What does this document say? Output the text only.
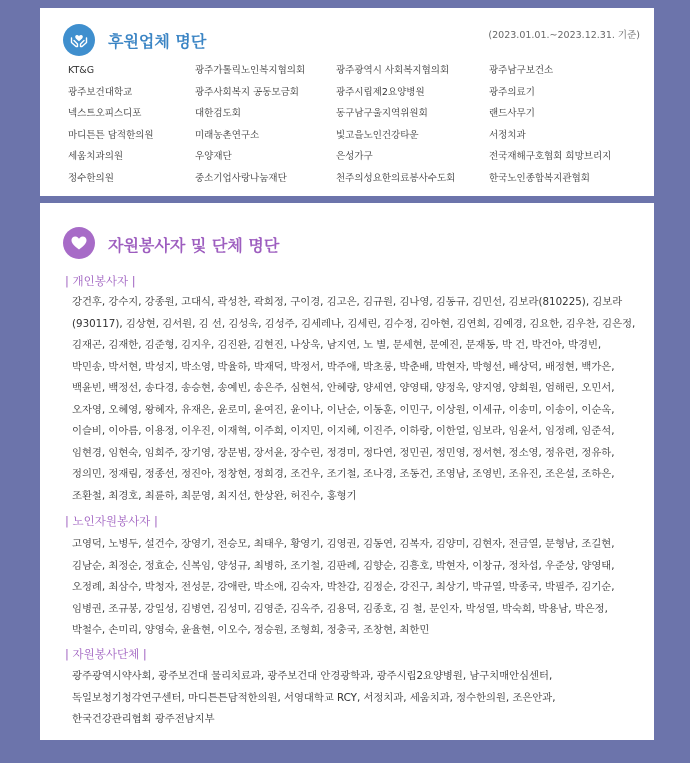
후원업체 명단	(2023.01.01.~2023.12.31. 기준)
KT&G	광주가톨릭노인복지협의회	광주광역시 사회복지협의회	광주남구보건소
광주보건대학교	광주사회복지 공동모금회	광주시립제2요양병원	광주의료기
넥스트오피스디포	대한검도회	동구남구울지역위원회	랜드사무기
마디튼튼 담적한의원	미래농촌연구소	빛고을노인건강타운	서정치과
세움치과의원	우양재단	은성가구	전국재해구호협회 희망브리지
정수한의원	중소기업사랑나눔재단	천주의성요한의료봉사수도회	한국노인종합복지관협회
자원봉사자 및 단체 명단
| 개인봉사자 |
강건후, 강수지, 강종원, 고대식, 곽성찬, 곽희정, 구이경, 김고은, 김규원, 김나영, 김동규, 김민선, 김보라(810225), 김보라(930117), 김상현, 김서원, 김 선, 김성욱, 김성주, 김세레나, 김세린, 김수정, 김아현, 김연희, 김예경, 김요한, 김우찬, 김은정, 김재곤, 김재한, 김준형, 김지우, 김진완, 김현진, 나상욱, 남지연, 노 별, 문세현, 문예진, 문재동, 박 건, 박건아, 박경빈, 박민송, 박서현, 박성지, 박소영, 박율하, 박재덕, 박정서, 박주애, 박초롱, 박춘배, 박현자, 박형선, 배상덕, 배정현, 백가은,백윤빈, 백정선, 송다경, 송승현, 송예빈, 송은주, 심현석, 안혜량, 양세연, 양영태, 양정욱, 양지영, 양희원, 엄해린, 오민서, 오자영, 오혜영, 왕혜자, 유재은, 윤로미, 윤여진, 윤이나, 이난순, 이동훈, 이민구, 이상원, 이세규, 이송미, 이송이, 이순옥, 이슬비, 이아름, 이용정, 이우진, 이재혁, 이주희, 이지민, 이지혜, 이진주, 이하랑, 이한얼, 임보라, 임윤서, 임정례, 임준석, 임현경, 임현숙, 임희주, 장기영, 장문범, 장서윤, 장수린, 정경미, 정다연, 정민권, 정민영, 정서현, 정소영, 정유련, 정유하, 정의민, 정재림, 정종선, 정진아, 정창현, 정희경, 조건우, 조기철, 조나경, 조동건, 조영남, 조영빈, 조유진, 조은설, 조하은, 조환철, 최경호, 최륜하, 최문영, 최지선, 한상완, 허진수, 홍형기
| 노인자원봉사자 |
고영덕, 노병두, 설건수, 장영기, 전승모, 최태우, 황영기, 김영권, 김동연, 김복자, 김양미, 김현자, 전금열, 문형남, 조길현, 김남순, 최정순, 정효순, 신복임, 양성규, 최병하, 조기철, 김판례, 김향순, 김흥호, 박현자, 이창규, 정차섭, 우준상, 양영태, 오정례, 최삼수, 박청자, 전성문, 강애란, 박소애, 김숙자, 박찬갑, 김정순, 강진구, 최상기, 박규열, 박종국, 박필주, 김기순, 임병권, 조규봉, 강일성, 김병연, 김성미, 김영준, 김옥주, 김용덕, 김종호, 김 철, 문인자, 박성열, 박숙희, 박용남, 박은정, 박철수, 손미리, 양영숙, 윤율현, 이오수, 정승원, 조형희, 정충국, 조창현, 최한민
| 자원봉사단체 |
광주광역시약사회, 광주보건대 물리치료과, 광주보건대 안경광학과, 광주시립2요양병원, 남구치매안심센터, 독일보청기청각연구센터, 마디튼튼담적한의원, 서영대학교 RCY, 서정치과, 세움치과, 정수한의원, 조은안과, 한국건강관리협회 광주전남지부
